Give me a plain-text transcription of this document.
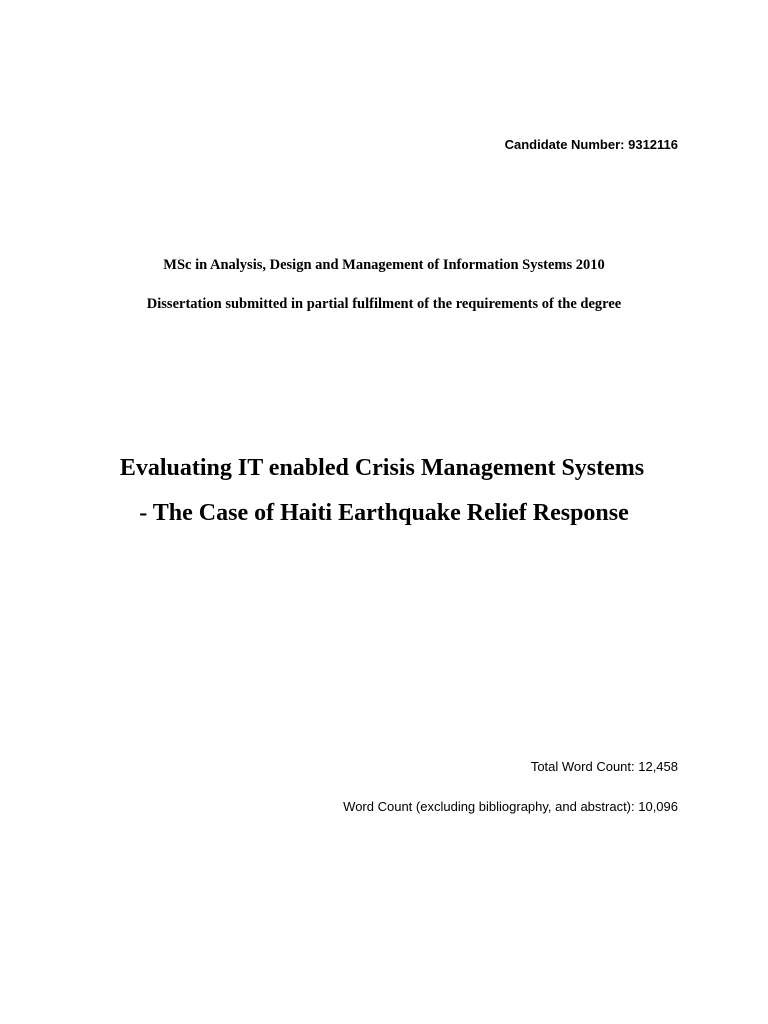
Candidate Number: 9312116
MSc in Analysis, Design and Management of Information Systems 2010
Dissertation submitted in partial fulfilment of the requirements of the degree
Evaluating IT enabled Crisis Management Systems
- The Case of Haiti Earthquake Relief Response
Total Word Count: 12,458
Word Count (excluding bibliography, and abstract): 10,096
